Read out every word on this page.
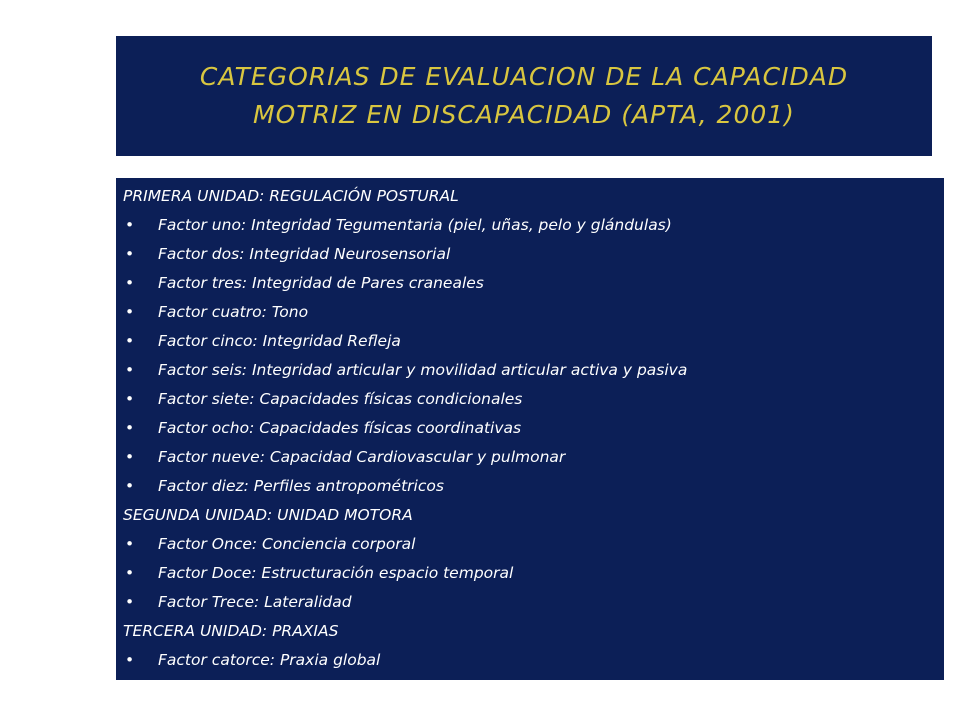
CATEGORIAS DE EVALUACION DE LA CAPACIDAD
MOTRIZ EN DISCAPACIDAD (APTA, 2001)
PRIMERA UNIDAD: REGULACIÓN POSTURAL
•	Factor uno: Integridad Tegumentaria (piel, uñas, pelo y glándulas)
•	Factor dos: Integridad Neurosensorial
•	Factor tres: Integridad de Pares craneales
•	Factor cuatro: Tono
•	Factor cinco: Integridad Refleja
•	Factor seis: Integridad articular y movilidad articular activa y pasiva
•	Factor siete: Capacidades físicas condicionales
•	Factor ocho: Capacidades físicas coordinativas
•	Factor nueve: Capacidad Cardiovascular y pulmonar
•	Factor diez: Perfiles antropométricos
SEGUNDA UNIDAD: UNIDAD MOTORA
•	Factor Once: Conciencia corporal
•	Factor Doce: Estructuración espacio temporal
•	Factor Trece: Lateralidad
TERCERA UNIDAD: PRAXIAS
•	Factor catorce: Praxia global
